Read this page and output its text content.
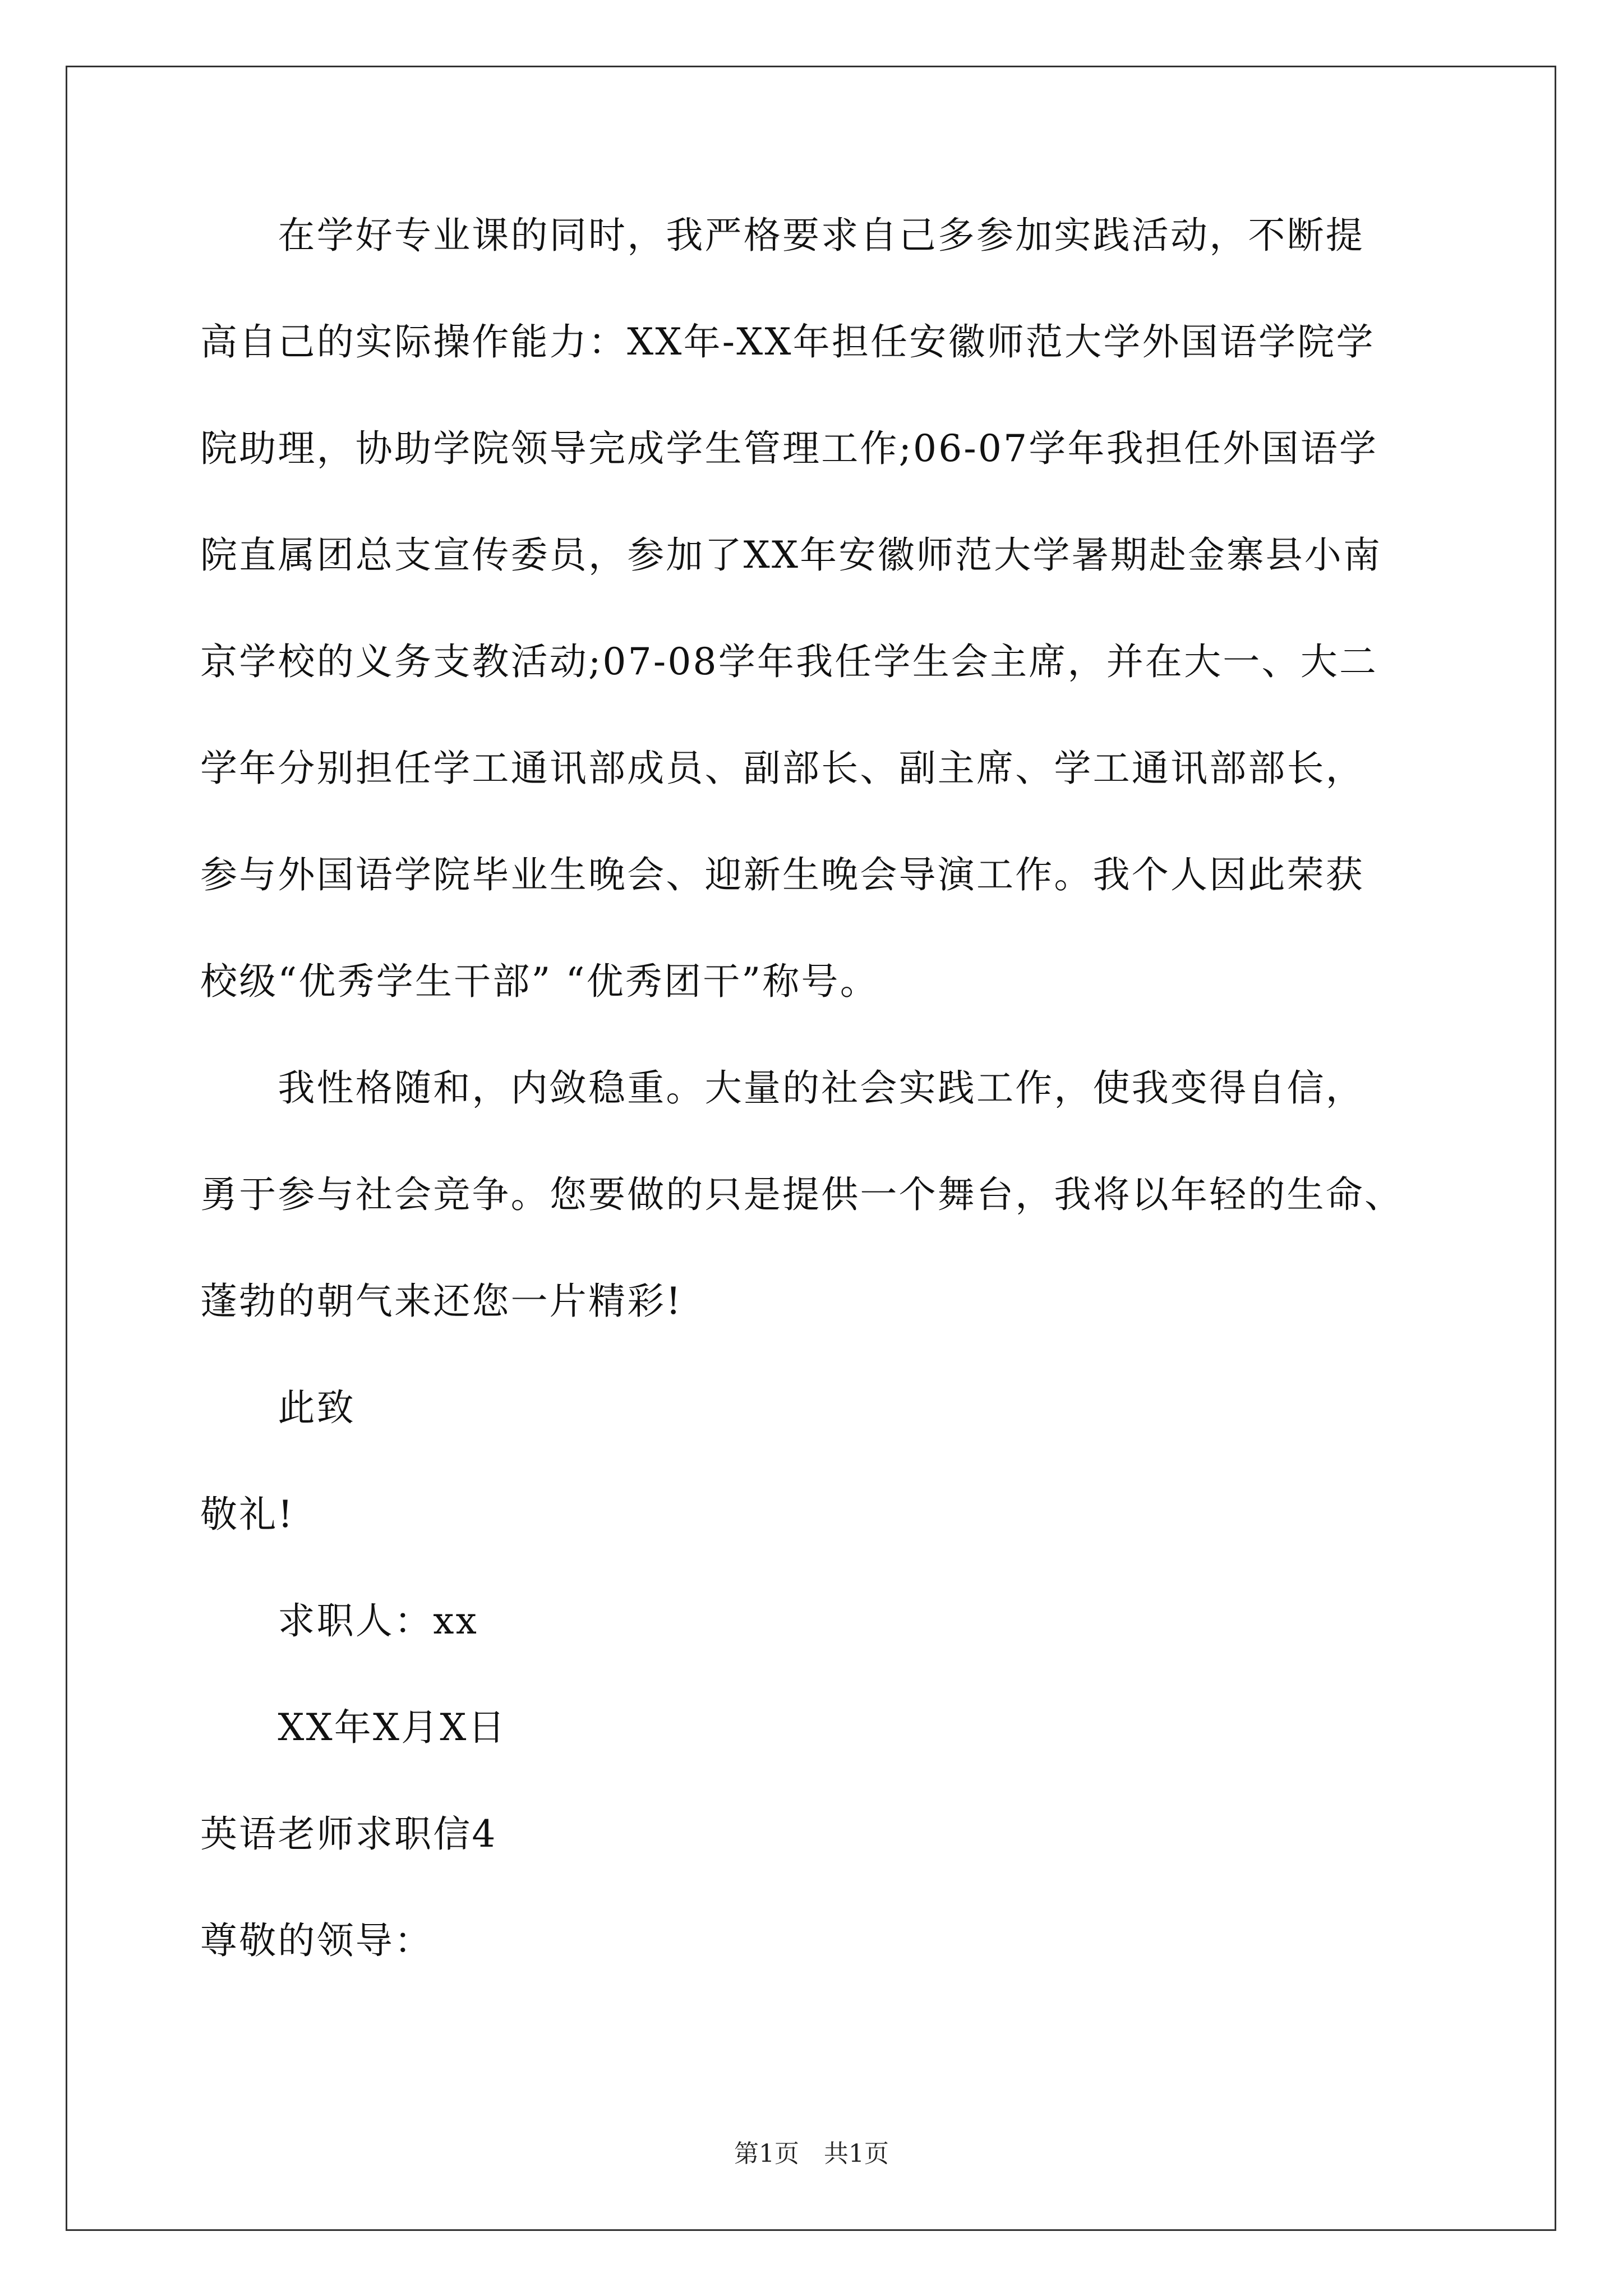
　　在学好专业课的同时，我严格要求自己多参加实践活动，不断提
高自己的实际操作能力：XX年-XX年担任安徽师范大学外国语学院学
院助理，协助学院领导完成学生管理工作;06-07学年我担任外国语学
院直属团总支宣传委员，参加了XX年安徽师范大学暑期赴金寨县小南
京学校的义务支教活动;07-08学年我任学生会主席，并在大一、大二
学年分别担任学工通讯部成员、副部长、副主席、学工通讯部部长，
参与外国语学院毕业生晚会、迎新生晚会导演工作。我个人因此荣获
校级“优秀学生干部” “优秀团干”称号。
　　我性格随和，内敛稳重。大量的社会实践工作，使我变得自信，
勇于参与社会竞争。您要做的只是提供一个舞台，我将以年轻的生命、
蓬勃的朝气来还您一片精彩!
　　此致
敬礼!
　　求职人：xx
　　XX年X月X日
英语老师求职信4
尊敬的领导：
第1页　共1页
